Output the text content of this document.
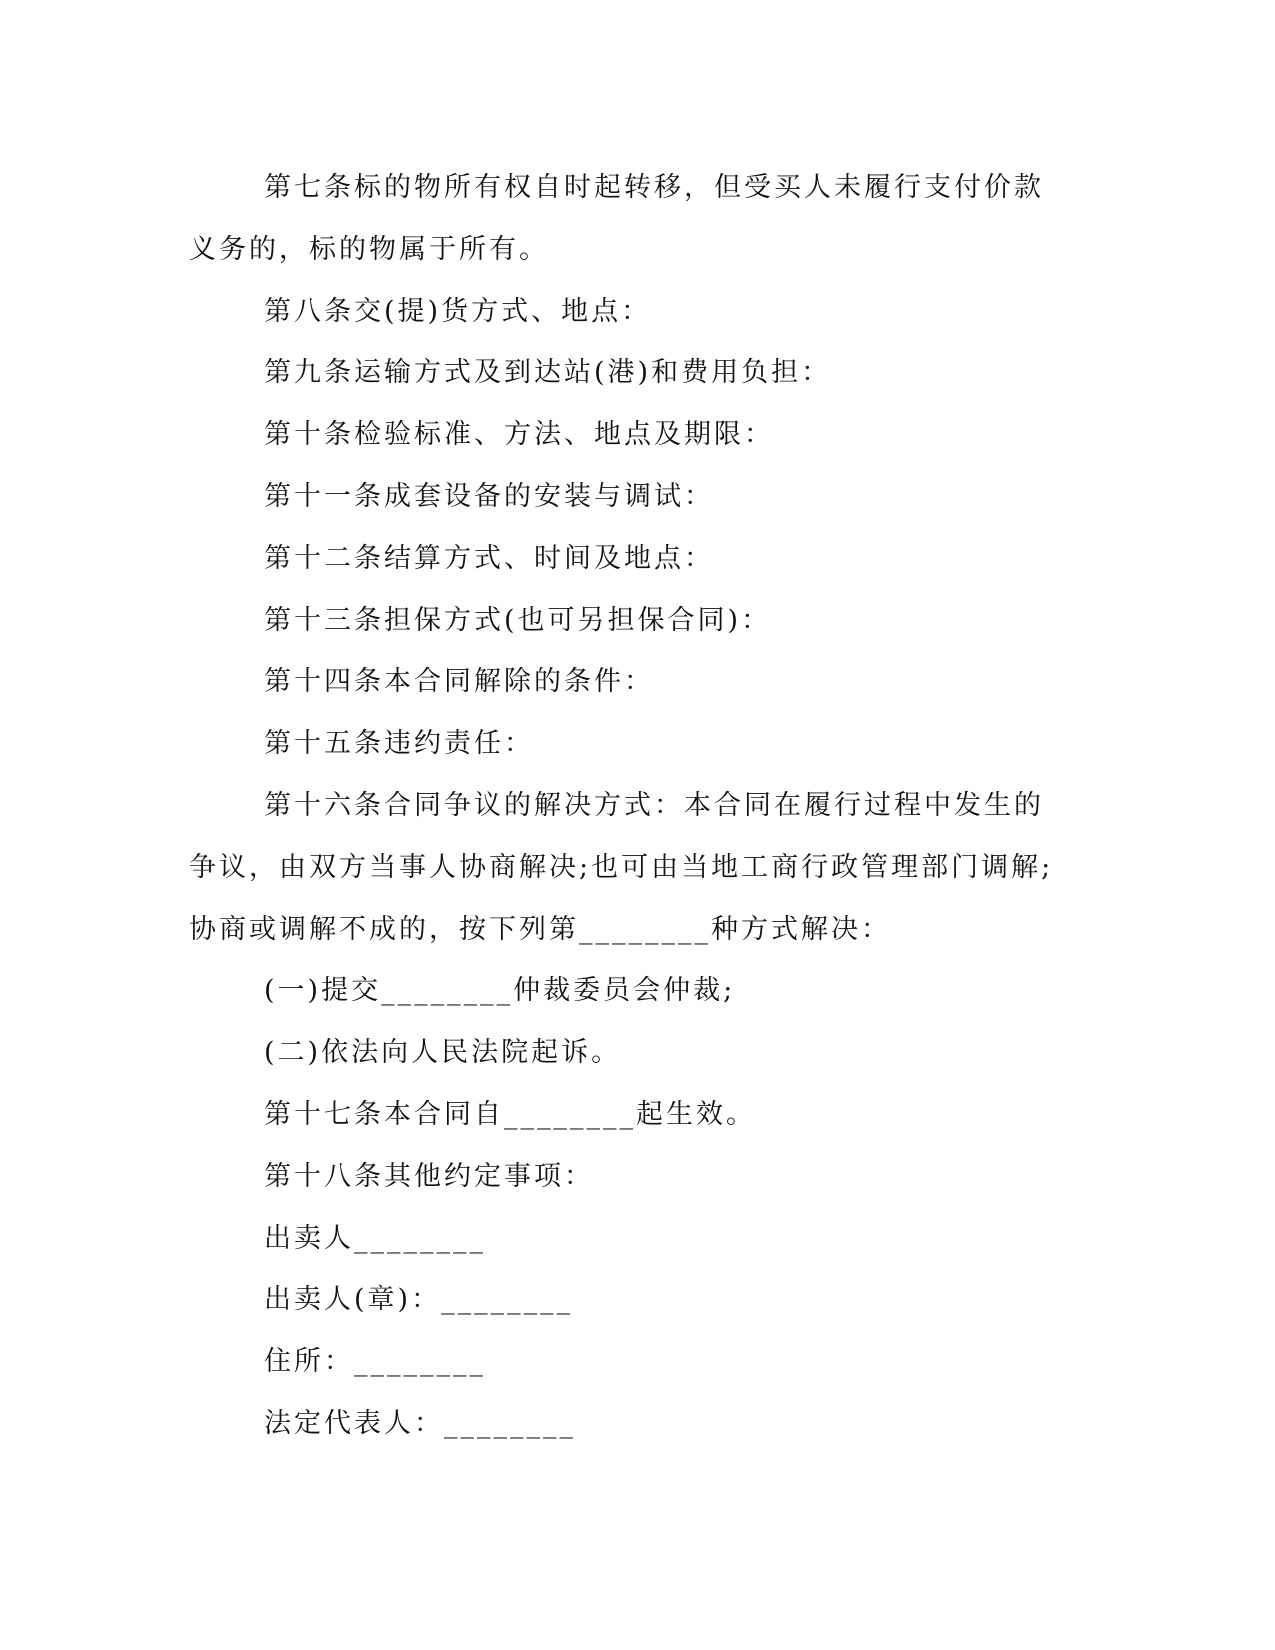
第七条标的物所有权自时起转移，但受买人未履行支付价款义务的，标的物属于所有。

第八条交(提)货方式、地点：

第九条运输方式及到达站(港)和费用负担：

第十条检验标准、方法、地点及期限：

第十一条成套设备的安装与调试：

第十二条结算方式、时间及地点：

第十三条担保方式(也可另担保合同)：

第十四条本合同解除的条件：

第十五条违约责任：

第十六条合同争议的解决方式：本合同在履行过程中发生的争议，由双方当事人协商解决;也可由当地工商行政管理部门调解;协商或调解不成的，按下列第________种方式解决：

(一)提交________仲裁委员会仲裁;

(二)依法向人民法院起诉。

第十七条本合同自________起生效。

第十八条其他约定事项：

出卖人________

出卖人(章)：________

住所：________

法定代表人：________
